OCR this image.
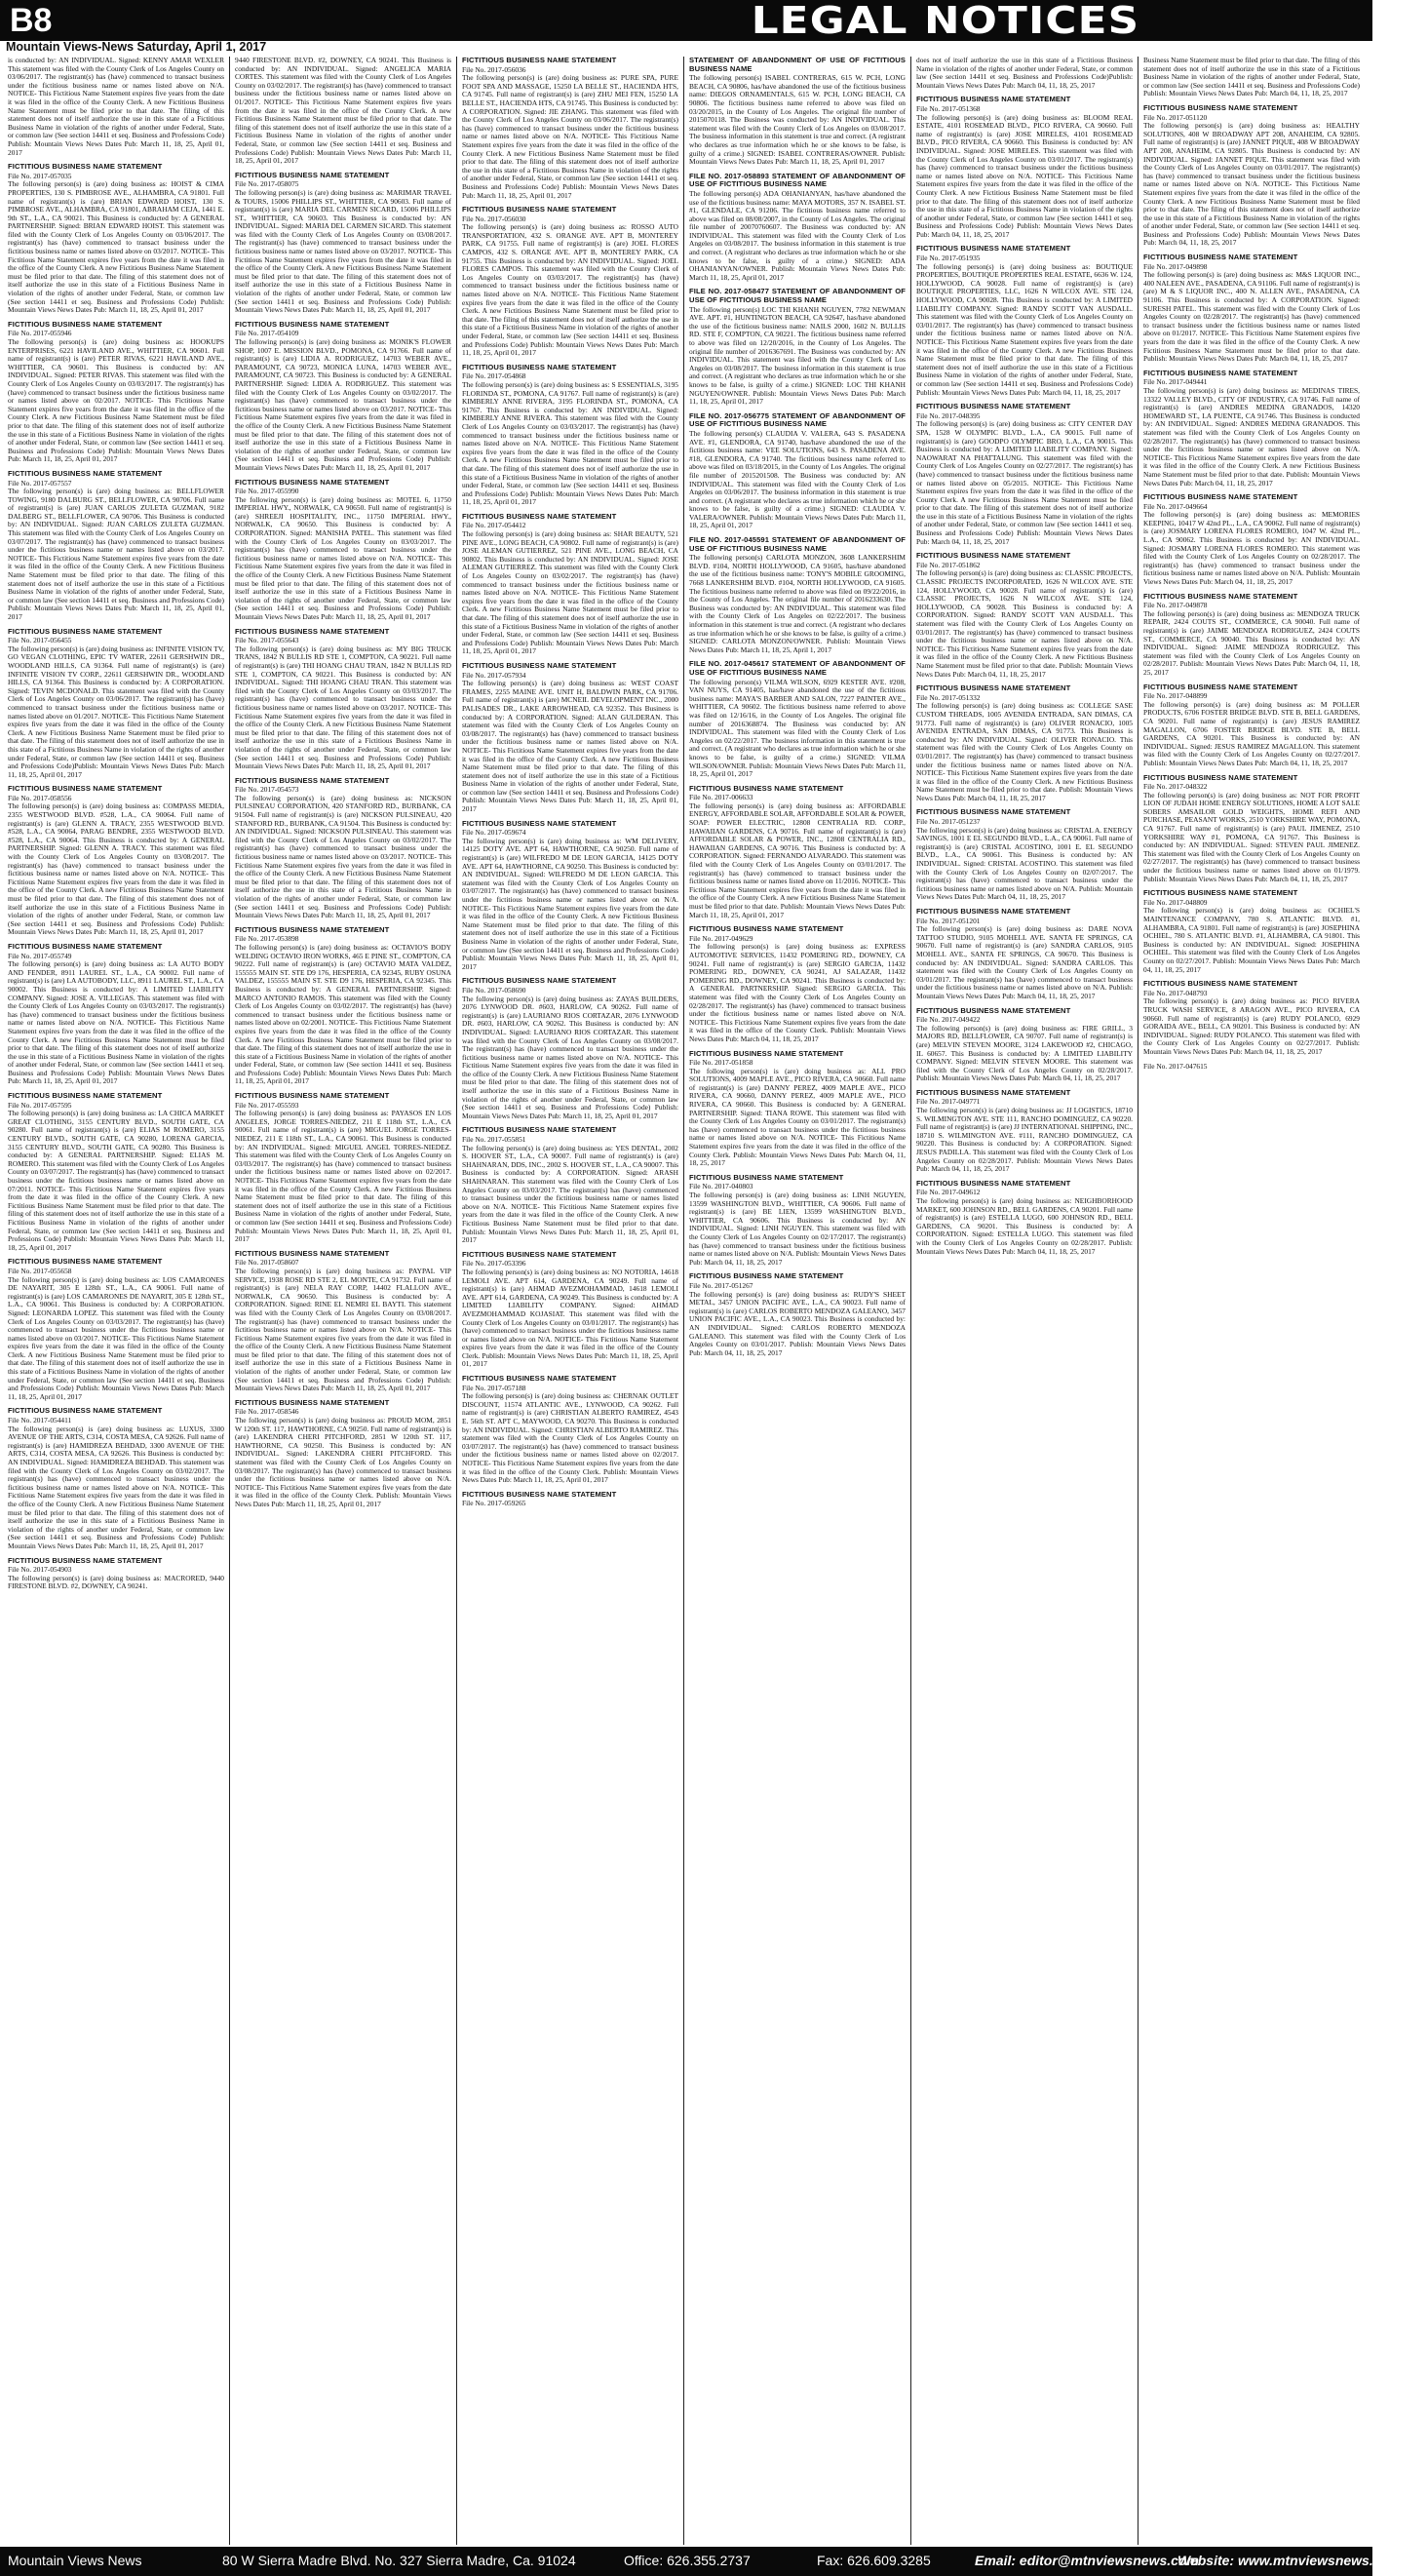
B8	LEGAL NOTICES
Mountain Views-News Saturday, April 1, 2017
is conducted by: AN INDIVIDUAL. Signed: KENNY AMAR WEXLER This statement was filed with the County Clerk of Los Angeles County on 03/06/2017. The registrant(s) has (have) commenced to transact business under the fictitious business name or names listed above on N/A. NOTICE- This Fictitious Name Statement expires five years from the date it was filed in the office of the County Clerk. A new Fictitious Business Name Statement must be filed prior to that date. The filing of this statement does not of itself authorize the use in this state of a Fictitious Business Name in violation of the rights of another under Federal, State, or common law (See section 14411 et seq. Business and Professions Code) Publish: Mountain Views News Dates Pub: March 11, 18, 25, April 01, 2017
FICTITIOUS BUSINESS NAME STATEMENT
File No. 2017-057035
The following person(s) is (are) doing business as: HOIST & CIMA PROPERTIES, 130 S. PIMBROSE AVE., ALHAMBRA, CA 91801. Full name of registrant(s) is (are) BRIAN EDWARD HOIST, 130 S. PIMBROSE AVE., ALHAMBRA, CA 91801, ABRAHAM CEJA, 1441 E. 9th ST., L.A., CA 90021. This Business is conducted by: A GENERAL PARTNERSHIP. Signed: BRIAN EDWARD HOIST. This statement was filed with the County Clerk of Los Angeles County on 03/06/2017. The registrant(s) has (have) commenced to transact business under the fictitious business name or names listed above on 03/2017. NOTICE- This Fictitious Name Statement expires five years from the date it was filed in the office of the County Clerk. A new Fictitious Business Name Statement must be filed prior to that date. The filing of this statement does not of itself authorize the use in this state of a Fictitious Business Name in violation of the rights of another under Federal, State, or common law (See section 14411 et seq. Business and Professions Code) Publish: Mountain Views News Dates Pub: March 11, 18, 25, April 01, 2017
FICTITIOUS BUSINESS NAME STATEMENT
File No. 2017-055946
The following person(s) is (are) doing business as: HOOKUPS ENTERPRISES, 6221 HAVILAND AVE., WHITTIER, CA 90601. Full name of registrant(s) is (are) PETER RIVAS, 6221 HAVILAND AVE., WHITTIER, CA 90601. This Business is conducted by: AN INDIVIDUAL. Signed: PETER RIVAS. This statement was filed with the County Clerk of Los Angeles County on 03/03/2017. The registrant(s) has (have) commenced to transact business under the fictitious business name or names listed above on 02/2017. NOTICE- This Fictitious Name Statement expires five years from the date it was filed in the office of the County Clerk. A new Fictitious Business Name Statement must be filed prior to that date. The filing of this statement does not of itself authorize the use in this state of a Fictitious Business Name in violation of the rights of another under Federal, State, or common law (See section 14411 et seq. Business and Professions Code) Publish: Mountain Views News Dates Pub: March 11, 18, 25, April 01, 2017
FICTITIOUS BUSINESS NAME STATEMENT
File No. 2017-057557
The following person(s) is (are) doing business as: BELLFLOWER TOWING, 9180 DALBURG ST., BELLFLOWER, CA 90706. Full name of registrant(s) is (are) JUAN CARLOS ZULETA GUZMAN, 9182 DALBERG ST., BELLFLOWER, CA 90706. This Business is conducted by: AN INDIVIDUAL. Signed: JUAN CARLOS ZULETA GUZMAN. This statement was filed with the County Clerk of Los Angeles County on 03/07/2017. The registrant(s) has (have) commenced to transact business under the fictitious business name or names listed above on 03/2017. NOTICE- This Fictitious Name Statement expires five years from the date it was filed in the office of the County Clerk. A new Fictitious Business Name Statement must be filed prior to that date. The filing of this statement does not of itself authorize the use in this state of a Fictitious Business Name in violation of the rights of another under Federal, State, or common law (See section 14411 et seq. Business and Professions Code) Publish: Mountain Views News Dates Pub: March 11, 18, 25, April 01, 2017
FICTITIOUS BUSINESS NAME STATEMENT
File No. 2017-056455
The following person(s) is (are) doing business as: INFINITE VISION TV, GO VEGAN CLOTHING, EPIC TV WATER, 22611 GERSHWIN DR., WOODLAND HILLS, CA 91364. Full name of registrant(s) is (are) INFINITE VISION TV CORP., 22611 GERSHWIN DR., WOODLAND HILLS, CA 91364. This Business is conducted by: A CORPORATION. Signed: TEVIN MCDONALD. This statement was filed with the County Clerk of Los Angeles County on 03/06/2017. The registrant(s) has (have) commenced to transact business under the fictitious business name or names listed above on 01/2017. NOTICE- This Fictitious Name Statement expires five years from the date it was filed in the office of the County Clerk. A new Fictitious Business Name Statement must be filed prior to that date. The filing of this statement does not of itself authorize the use in this state of a Fictitious Business Name in violation of the rights of another under Federal, State, or common law (See section 14411 et seq. Business and Professions Code)Publish: Mountain Views News Dates Pub: March 11, 18, 25, April 01, 2017
FICTITIOUS BUSINESS NAME STATEMENT
File No. 2017-058556
The following person(s) is (are) doing business as: COMPASS MEDIA, 2355 WESTWOOD BLVD. #528, L.A., CA 90064. Full name of registrant(s) is (are) GLENN A. TRACY, 2355 WESTWOOD BLVD. #528, L.A., CA 90064, PARAG BENDRE, 2355 WESTWOOD BLVD. #528, L.A., CA 90064. This Business is conducted by: A GENERAL PARTNERSHIP. Signed: GLENN A. TRACY. This statement was filed with the County Clerk of Los Angeles County on 03/08/2017. The registrant(s) has (have) commenced to transact business under the fictitious business name or names listed above on N/A. NOTICE- This Fictitious Name Statement expires five years from the date it was filed in the office of the County Clerk. A new Fictitious Business Name Statement must be filed prior to that date. The filing of this statement does not of itself authorize the use in this state of a Fictitious Business Name in violation of the rights of another under Federal, State, or common law (See section 14411 et seq. Business and Professions Code) Publish: Mountain Views News Dates Pub: March 11, 18, 25, April 01, 2017
FICTITIOUS BUSINESS NAME STATEMENT
File No. 2017-055749
The following person(s) is (are) doing business as: LA AUTO BODY AND FENDER, 8911 LAUREL ST., L.A., CA 90002. Full name of registrant(s) is (are) LA AUTOBODY, LLC, 8911 LAUREL ST., L.A., CA 90002. This Business is conducted by: A LIMITED LIABILITY COMPANY. Signed: JOSE A. VILLEGAS. This statement was filed with the County Clerk of Los Angeles County on 03/03/2017. The registrant(s) has (have) commenced to transact business under the fictitious business name or names listed above on N/A. NOTICE- This Fictitious Name Statement expires five years from the date it was filed in the office of the County Clerk. A new Fictitious Business Name Statement must be filed prior to that date. The filing of this statement does not of itself authorize the use in this state of a Fictitious Business Name in violation of the rights of another under Federal, State, or common law (See section 14411 et seq. Business and Professions Code) Publish: Mountain Views News Dates Pub: March 11, 18, 25, April 01, 2017
FICTITIOUS BUSINESS NAME STATEMENT
File No. 2017-057595
The following person(s) is (are) doing business as: LA CHICA MARKET GREAT CLOTHING, 3155 CENTURY BLVD., SOUTH GATE, CA 90280. Full name of registrant(s) is (are) ELIAS M ROMERO, 3155 CENTURY BLVD., SOUTH GATE, CA 90280, LORENA GARCIA, 3155 CENTURY BLVD., SOUTH GATE, CA 90280. This Business is conducted by: A GENERAL PARTNERSHIP. Signed: ELIAS M. ROMERO. This statement was filed with the County Clerk of Los Angeles County on 03/07/2017. The registrant(s) has (have) commenced to transact business under the fictitious business name or names listed above on 07/2011. NOTICE- This Fictitious Name Statement expires five years from the date it was filed in the office of the County Clerk. A new Fictitious Business Name Statement must be filed prior to that date. The filing of this statement does not of itself authorize the use in this state of a Fictitious Business Name in violation of the rights of another under Federal, State, or common law (See section 14411 et seq. Business and Professions Code) Publish: Mountain Views News Dates Pub: March 11, 18, 25, April 01, 2017
FICTITIOUS BUSINESS NAME STATEMENT
File No. 2017-055658
The following person(s) is (are) doing business as: LOS CAMARONES DE NAYARIT, 305 E 128th ST., L.A., CA 90061. Full name of registrant(s) is (are) LOS CAMARONES DE NAYARIT, 305 E 128th ST., L.A., CA 90061. This Business is conducted by: A CORPORATION. Signed: LEONARDA LOPEZ. This statement was filed with the County Clerk of Los Angeles County on 03/03/2017. The registrant(s) has (have) commenced to transact business under the fictitious business name or names listed above on 03/2017. NOTICE- This Fictitious Name Statement expires five years from the date it was filed in the office of the County Clerk. A new Fictitious Business Name Statement must be filed prior to that date. The filing of this statement does not of itself authorize the use in this state of a Fictitious Business Name in violation of the rights of another under Federal, State, or common law (See section 14411 et seq. Business and Professions Code) Publish: Mountain Views News Dates Pub: March 11, 18, 25, April 01, 2017
FICTITIOUS BUSINESS NAME STATEMENT
File No. 2017-054411
The following person(s) is (are) doing business as: LUXUS, 3300 AVENUE OF THE ARTS, C314, COSTA MESA, CA 92626. Full name of registrant(s) is (are) HAMIDREZA BEHDAD, 3300 AVENUE OF THE ARTS, C314, COSTA MESA, CA 92626. This Business is conducted by: AN INDIVIDUAL. Signed: HAMIDREZA BEHDAD. This statement was filed with the County Clerk of Los Angeles County on 03/02/2017. The registrant(s) has (have) commenced to transact business under the fictitious business name or names listed above on N/A. NOTICE- This Fictitious Name Statement expires five years from the date it was filed in the office of the County Clerk. A new Fictitious Business Name Statement must be filed prior to that date. The filing of this statement does not of itself authorize the use in this state of a Fictitious Business Name in violation of the rights of another under Federal, State, or common law (See section 14411 et seq. Business and Professions Code) Publish: Mountain Views News Dates Pub: March 11, 18, 25, April 01, 2017
FICTITIOUS BUSINESS NAME STATEMENT
File No. 2017-054903
The following person(s) is (are) doing business as: MACRORED, 9440 FIRESTONE BLVD. #2, DOWNEY, CA 90241.
9440 FIRESTONE BLVD. #2, DOWNEY, CA 90241. This Business is conducted by: AN INDIVIDUAL. Signed: ANGELICA MARIA CORTES. This statement was filed with the County Clerk of Los Angeles County on 03/02/2017. The registrant(s) has (have) commenced to transact business under the fictitious business name or names listed above on 01/2017. NOTICE- This Fictitious Name Statement expires five years from the date it was filed in the office of the County Clerk. A new Fictitious Business Name Statement must be filed prior to that date. The filing of this statement does not of itself authorize the use in this state of a Fictitious Business Name in violation of the rights of another under Federal, State, or common law (See section 14411 et seq. Business and Professions Code) Publish: Mountain Views News Dates Pub: March 11, 18, 25, April 01, 2017
FICTITIOUS BUSINESS NAME STATEMENT
File No. 2017-058075
The following person(s) is (are) doing business as: MARIMAR TRAVEL & TOURS, 15006 PHILLIPS ST., WHITTIER, CA 90603. Full name of registrant(s) is (are) MARIA DEL CARMEN SICARD, 15006 PHILLIPS ST., WHITTIER, CA 90603. This Business is conducted by: AN INDIVIDUAL. Signed: MARIA DEL CARMEN SICARD. This statement was filed with the County Clerk of Los Angeles County on 03/08/2017. The registrant(s) has (have) commenced to transact business under the fictitious business name or names listed above on 03/2017. NOTICE- This Fictitious Name Statement expires five years from the date it was filed in the office of the County Clerk. A new Fictitious Business Name Statement must be filed prior to that date. The filing of this statement does not of itself authorize the use in this state of a Fictitious Business Name in violation of the rights of another under Federal, State, or common law (See section 14411 et seq. Business and Professions Code) Publish: Mountain Views News Dates Pub: March 11, 18, 25, April 01, 2017
FICTITIOUS BUSINESS NAME STATEMENT
File No. 2017-054109
The following person(s) is (are) doing business as: MONIK'S FLOWER SHOP, 1007 E. MISSION BLVD., POMONA, CA 91766. Full name of registrant(s) is (are) LIDIA A. RODRIGUEZ, 14703 WEBER AVE., PARAMOUNT, CA 90723, MONICA LUNA, 14703 WEBER AVE., PARAMOUNT, CA 90723. This Business is conducted by: A GENERAL PARTNERSHIP. Signed: LIDIA A. RODRIGUEZ. This statement was filed with the County Clerk of Los Angeles County on 03/02/2017. The registrant(s) has (have) commenced to transact business under the fictitious business name or names listed above on 03/2017. NOTICE- This Fictitious Name Statement expires five years from the date it was filed in the office of the County Clerk. A new Fictitious Business Name Statement must be filed prior to that date. The filing of this statement does not of itself authorize the use in this state of a Fictitious Business Name in violation of the rights of another under Federal, State, or common law (See section 14411 et seq. Business and Professions Code) Publish: Mountain Views News Dates Pub: March 11, 18, 25, April 01, 2017
FICTITIOUS BUSINESS NAME STATEMENT
File No. 2017-055990
The following person(s) is (are) doing business as: MOTEL 6, 11750 IMPERIAL HWY., NORWALK, CA 90650. Full name of registrant(s) is (are) SHREEJI HOSPITALITY, INC., 11750 IMPERIAL HWY., NORWALK, CA 90650. This Business is conducted by: A CORPORATION. Signed: MANISHA PATEL. This statement was filed with the County Clerk of Los Angeles County on 03/03/2017. The registrant(s) has (have) commenced to transact business under the fictitious business name or names listed above on N/A. NOTICE- This Fictitious Name Statement expires five years from the date it was filed in the office of the County Clerk. A new Fictitious Business Name Statement must be filed prior to that date. The filing of this statement does not of itself authorize the use in this state of a Fictitious Business Name in violation of the rights of another under Federal, State, or common law (See section 14411 et seq. Business and Professions Code) Publish: Mountain Views News Dates Pub: March 11, 18, 25, April 01, 2017
FICTITIOUS BUSINESS NAME STATEMENT
File No. 2017-055643
The following person(s) is (are) doing business as: MY BIG TRUCK TRANS, 1842 N BULLIS RD STE 1, COMPTON, CA 90221. Full name of registrant(s) is (are) THI HOANG CHAU TRAN, 1842 N BULLIS RD STE 1, COMPTON, CA 90221. This Business is conducted by: AN INDIVIDUAL. Signed: THI HOANG CHAU TRAN. This statement was filed with the County Clerk of Los Angeles County on 03/03/2017. The registrant(s) has (have) commenced to transact business under the fictitious business name or names listed above on 03/2017. NOTICE- This Fictitious Name Statement expires five years from the date it was filed in the office of the County Clerk. A new Fictitious Business Name Statement must be filed prior to that date. The filing of this statement does not of itself authorize the use in this state of a Fictitious Business Name in violation of the rights of another under Federal, State, or common law (See section 14411 et seq. Business and Professions Code) Publish: Mountain Views News Dates Pub: March 11, 18, 25, April 01, 2017
FICTITIOUS BUSINESS NAME STATEMENT
File No. 2017-054573
The following person(s) is (are) doing business as: NICKSON PULSINEAU CORPORATION, 420 STANFORD RD., BURBANK, CA 91504. Full name of registrant(s) is (are) NICKSON PULSINEAU, 420 STANFORD RD., BURBANK, CA 91504. This Business is conducted by: AN INDIVIDUAL. Signed: NICKSON PULSINEAU. This statement was filed with the County Clerk of Los Angeles County on 03/02/2017. The registrant(s) has (have) commenced to transact business under the fictitious business name or names listed above on 03/2017. NOTICE- This Fictitious Name Statement expires five years from the date it was filed in the office of the County Clerk. A new Fictitious Business Name Statement must be filed prior to that date. The filing of this statement does not of itself authorize the use in this state of a Fictitious Business Name in violation of the rights of another under Federal, State, or common law (See section 14411 et seq. Business and Professions Code) Publish: Mountain Views News Dates Pub: March 11, 18, 25, April 01, 2017
FICTITIOUS BUSINESS NAME STATEMENT
File No. 2017-053898
The following person(s) is (are) doing business as: OCTAVIO'S BODY WELDING OCTAVIO IRON WORKS, 465 E PINE ST., COMPTON, CA 90222. Full name of registrant(s) is (are) OCTAVIO MATA VALDEZ, 155555 MAIN ST. STE D9 176, HESPERIA, CA 92345, RUBY OSUNA VALDEZ, 155555 MAIN ST. STE D9 176, HESPERIA, CA 92345. This Business is conducted by: A GENERAL PARTNERSHIP. Signed: MARCO ANTONIO RAMOS. This statement was filed with the County Clerk of Los Angeles County on 03/02/2017. The registrant(s) has (have) commenced to transact business under the fictitious business name or names listed above on 02/2001. NOTICE- This Fictitious Name Statement expires five years from the date it was filed in the office of the County Clerk. A new Fictitious Business Name Statement must be filed prior to that date. The filing of this statement does not of itself authorize the use in this state of a Fictitious Business Name in violation of the rights of another under Federal, State, or common law (See section 14411 et seq. Business and Professions Code) Publish: Mountain Views News Dates Pub: March 11, 18, 25, April 01, 2017
FICTITIOUS BUSINESS NAME STATEMENT
File No. 2017-055593
The following person(s) is (are) doing business as: PAYASOS EN LOS ANGELES, JORGE TORRES-NIEDEZ, 211 E 118th ST., L.A., CA 90061. Full name of registrant(s) is (are) MIGUEL JORGE TORRES-NIEDEZ, 211 E 118th ST., L.A., CA 90061. This Business is conducted by: AN INDIVIDUAL. Signed: MIGUEL ANGEL TORRES-NIEDEZ. This statement was filed with the County Clerk of Los Angeles County on 03/03/2017. The registrant(s) has (have) commenced to transact business under the fictitious business name or names listed above on 02/2017. NOTICE- This Fictitious Name Statement expires five years from the date it was filed in the office of the County Clerk. A new Fictitious Business Name Statement must be filed prior to that date. The filing of this statement does not of itself authorize the use in this state of a Fictitious Business Name in violation of the rights of another under Federal, State, or common law (See section 14411 et seq. Business and Professions Code) Publish: Mountain Views News Dates Pub: March 11, 18, 25, April 01, 2017
FICTITIOUS BUSINESS NAME STATEMENT
File No. 2017-058607
The following person(s) is (are) doing business as: PAYPAL VIP SERVICE, 1938 ROSE RD STE 2, EL MONTE, CA 91732. Full name of registrant(s) is (are) NELA RAY CORP, 14402 FLALLON AVE., NORWALK, CA 90650. This Business is conducted by: A CORPORATION. Signed: RINE EL NEMRI EL BAYTI. This statement was filed with the County Clerk of Los Angeles County on 03/08/2017. The registrant(s) has (have) commenced to transact business under the fictitious business name or names listed above on N/A. NOTICE- This Fictitious Name Statement expires five years from the date it was filed in the office of the County Clerk. A new Fictitious Business Name Statement must be filed prior to that date. The filing of this statement does not of itself authorize the use in this state of a Fictitious Business Name in violation of the rights of another under Federal, State, or common law (See section 14411 et seq. Business and Professions Code) Publish: Mountain Views News Dates Pub: March 11, 18, 25, April 01, 2017
FICTITIOUS BUSINESS NAME STATEMENT
File No. 2017-058546
The following person(s) is (are) doing business as: PROUD MOM, 2851 W 120th ST. 117, HAWTHORNE, CA 90250. Full name of registrant(s) is (are) LAKENDRA CHERI PITCHFORD, 2851 W 120th ST. 117, HAWTHORNE, CA 90250. This Business is conducted by: AN INDIVIDUAL. Signed: LAKENDRA CHERI PITCHFORD. This statement was filed with the County Clerk of Los Angeles County on 03/08/2017. The registrant(s) has (have) commenced to transact business under the fictitious business name or names listed above on N/A. NOTICE- This Fictitious Name Statement expires five years from the date it was filed in the office of the County Clerk. Publish: Mountain Views News Dates Pub: March 11, 18, 25, April 01, 2017
FICTITIOUS BUSINESS NAME STATEMENT
File No. 2017-056036
The following person(s) is (are) doing business as: PURE SPA, PURE FOOT SPA AND MASSAGE, 15250 LA BELLE ST., HACIENDA HTS, CA 91745. Full name of registrant(s) is (are) ZHU MEI FEN, 15250 LA BELLE ST., HACIENDA HTS, CA 91745. This Business is conducted by: A CORPORATION. Signed: JIE ZHANG. This statement was filed with the County Clerk of Los Angeles County on 03/06/2017. The registrant(s) has (have) commenced to transact business under the fictitious business name or names listed above on N/A. NOTICE- This Fictitious Name Statement expires five years from the date it was filed in the office of the County Clerk. A new Fictitious Business Name Statement must be filed prior to that date. The filing of this statement does not of itself authorize the use in this state of a Fictitious Business Name in violation of the rights of another under Federal, State, or common law (See section 14411 et seq. Business and Professions Code) Publish: Mountain Views News Dates Pub: March 11, 18, 25, April 01, 2017
FICTITIOUS BUSINESS NAME STATEMENT
File No. 2017-056030
The following person(s) is (are) doing business as: ROSSO AUTO TRANSPORTATION, 432 S. ORANGE AVE. APT B, MONTEREY PARK, CA 91755. Full name of registrant(s) is (are) JOEL FLORES CAMPOS, 432 S. ORANGE AVE. APT B, MONTEREY PARK, CA 91755. This Business is conducted by: AN INDIVIDUAL. Signed: JOEL FLORES CAMPOS. This statement was filed with the County Clerk of Los Angeles County on 03/03/2017. The registrant(s) has (have) commenced to transact business under the fictitious business name or names listed above on N/A. NOTICE- This Fictitious Name Statement expires five years from the date it was filed in the office of the County Clerk. A new Fictitious Business Name Statement must be filed prior to that date. The filing of this statement does not of itself authorize the use in this state of a Fictitious Business Name in violation of the rights of another under Federal, State, or common law (See section 14411 et seq. Business and Professions Code) Publish: Mountain Views News Dates Pub: March 11, 18, 25, April 01, 2017
FICTITIOUS BUSINESS NAME STATEMENT
File No. 2017-054868
The following person(s) is (are) doing business as: S ESSENTIALS, 3195 FLORINDA ST., POMONA, CA 91767. Full name of registrant(s) is (are) KIMBERLY ANNE RIVERA, 3195 FLORINDA ST., POMONA, CA 91767. This Business is conducted by: AN INDIVIDUAL. Signed: KIMBERLY ANNE RIVERA. This statement was filed with the County Clerk of Los Angeles County on 03/03/2017. The registrant(s) has (have) commenced to transact business under the fictitious business name or names listed above on N/A. NOTICE- This Fictitious Name Statement expires five years from the date it was filed in the office of the County Clerk. A new Fictitious Business Name Statement must be filed prior to that date. The filing of this statement does not of itself authorize the use in this state of a Fictitious Business Name in violation of the rights of another under Federal, State, or common law (See section 14411 et seq. Business and Professions Code) Publish: Mountain Views News Dates Pub: March 11, 18, 25, April 01, 2017
FICTITIOUS BUSINESS NAME STATEMENT
File No. 2017-054412
The following person(s) is (are) doing business as: SHAR BEAUTY, 521 PINE AVE., LONG BEACH, CA 90802. Full name of registrant(s) is (are) JOSE ALEMAN GUTIERREZ, 521 PINE AVE., LONG BEACH, CA 90802. This Business is conducted by: AN INDIVIDUAL. Signed: JOSE ALEMAN GUTIERREZ. This statement was filed with the County Clerk of Los Angeles County on 03/02/2017. The registrant(s) has (have) commenced to transact business under the fictitious business name or names listed above on N/A. NOTICE- This Fictitious Name Statement expires five years from the date it was filed in the office of the County Clerk. A new Fictitious Business Name Statement must be filed prior to that date. The filing of this statement does not of itself authorize the use in this state of a Fictitious Business Name in violation of the rights of another under Federal, State, or common law (See section 14411 et seq. Business and Professions Code) Publish: Mountain Views News Dates Pub: March 11, 18, 25, April 01, 2017
FICTITIOUS BUSINESS NAME STATEMENT
File No. 2017-057934
The following person(s) is (are) doing business as: WEST COAST FRAMES, 2255 MAINE AVE. UNIT H, BALDWIN PARK, CA 91706. Full name of registrant(s) is (are) MCNEIL DEVELOPMENT INC., 2000 PALISADES DR., LAKE ARROWHEAD, CA 92352. This Business is conducted by: A CORPORATION. Signed: ALAN GULDERAN. This statement was filed with the County Clerk of Los Angeles County on 03/08/2017. The registrant(s) has (have) commenced to transact business under the fictitious business name or names listed above on N/A. NOTICE- This Fictitious Name Statement expires five years from the date it was filed in the office of the County Clerk. A new Fictitious Business Name Statement must be filed prior to that date. The filing of this statement does not of itself authorize the use in this state of a Fictitious Business Name in violation of the rights of another under Federal, State, or common law (See section 14411 et seq. Business and Professions Code) Publish: Mountain Views News Dates Pub: March 11, 18, 25, April 01, 2017
FICTITIOUS BUSINESS NAME STATEMENT
File No. 2017-059674
The following person(s) is (are) doing business as: WM DELIVERY, 14125 DOTY AVE. APT 64, HAWTHORNE, CA 90250. Full name of registrant(s) is (are) WILFREDO M DE LEON GARCIA, 14125 DOTY AVE. APT 64, HAWTHORNE, CA 90250. This Business is conducted by: AN INDIVIDUAL. Signed: WILFREDO M DE LEON GARCIA. This statement was filed with the County Clerk of Los Angeles County on 03/07/2017. The registrant(s) has (have) commenced to transact business under the fictitious business name or names listed above on N/A. NOTICE- This Fictitious Name Statement expires five years from the date it was filed in the office of the County Clerk. A new Fictitious Business Name Statement must be filed prior to that date. The filing of this statement does not of itself authorize the use in this state of a Fictitious Business Name in violation of the rights of another under Federal, State, or common law (See section 14411 et seq. Business and Professions Code) Publish: Mountain Views News Dates Pub: March 11, 18, 25, April 01, 2017
FICTITIOUS BUSINESS NAME STATEMENT
File No. 2017-058690
The following person(s) is (are) doing business as: ZAYAS BUILDERS, 2076 LYNWOOD DR. #603, HARLOW, CA 90262. Full name of registrant(s) is (are) LAURIANO RIOS CORTAZAR, 2076 LYNWOOD DR. #603, HARLOW, CA 90262. This Business is conducted by: AN INDIVIDUAL. Signed: LAURIANO RIOS CORTAZAR. This statement was filed with the County Clerk of Los Angeles County on 03/08/2017. The registrant(s) has (have) commenced to transact business under the fictitious business name or names listed above on N/A. NOTICE- This Fictitious Name Statement expires five years from the date it was filed in the office of the County Clerk. A new Fictitious Business Name Statement must be filed prior to that date. The filing of this statement does not of itself authorize the use in this state of a Fictitious Business Name in violation of the rights of another under Federal, State, or common law (See section 14411 et seq. Business and Professions Code) Publish: Mountain Views News Dates Pub: March 11, 18, 25, April 01, 2017
FICTITIOUS BUSINESS NAME STATEMENT
File No. 2017-055851
The following person(s) is (are) doing business as: YES DENTAL, 2002 S. HOOVER ST., L.A., CA 90007. Full name of registrant(s) is (are) SHAHNARAN, DDS, INC., 2002 S. HOOVER ST., L.A., CA 90007. This Business is conducted by: A CORPORATION. Signed: ARASH SHAHNARAN. This statement was filed with the County Clerk of Los Angeles County on 03/03/2017. The registrant(s) has (have) commenced to transact business under the fictitious business name or names listed above on N/A. NOTICE- This Fictitious Name Statement expires five years from the date it was filed in the office of the County Clerk. A new Fictitious Business Name Statement must be filed prior to that date. Publish: Mountain Views News Dates Pub: March 11, 18, 25, April 01, 2017
FICTITIOUS BUSINESS NAME STATEMENT
File No. 2017-053396
The following person(s) is (are) doing business as: NO NOTORIA, 14618 LEMOLI AVE. APT 614, GARDENA, CA 90249. Full name of registrant(s) is (are) AHMAD AVEZMOHAMMAD, 14618 LEMOLI AVE. APT 614, GARDENA, CA 90249. This Business is conducted by: A LIMITED LIABILITY COMPANY. Signed: AHMAD AVEZMOHAMMAD KOJASIAT. This statement was filed with the County Clerk of Los Angeles County on 03/01/2017. The registrant(s) has (have) commenced to transact business under the fictitious business name or names listed above on N/A. NOTICE- This Fictitious Name Statement expires five years from the date it was filed in the office of the County Clerk. Publish: Mountain Views News Dates Pub: March 11, 18, 25, April 01, 2017
FICTITIOUS BUSINESS NAME STATEMENT
File No. 2017-057188
The following person(s) is (are) doing business as: CHERNAK OUTLET DISCOUNT, 11574 ATLANTIC AVE., LYNWOOD, CA 90262. Full name of registrant(s) is (are) CHRISTIAN ALBERTO RAMIREZ, 4543 E. 56th ST. APT C, MAYWOOD, CA 90270. This Business is conducted by: AN INDIVIDUAL. Signed: CHRISTIAN ALBERTO RAMIREZ. This statement was filed with the County Clerk of Los Angeles County on 03/07/2017. The registrant(s) has (have) commenced to transact business under the fictitious business name or names listed above on 02/2017. NOTICE- This Fictitious Name Statement expires five years from the date it was filed in the office of the County Clerk. Publish: Mountain Views News Dates Pub: March 11, 18, 25, April 01, 2017
FICTITIOUS BUSINESS NAME STATEMENT
File No. 2017-059265
STATEMENT OF ABANDONMENT OF USE OF FICTITIOUS BUSINESS NAME
The following person(s) ISABEL CONTRERAS, 615 W. PCH, LONG BEACH, CA 90806, has/have abandoned the use of the fictitious business name: DIEGOS ORNAMENTALS, 615 W. PCH, LONG BEACH, CA 90806. The fictitious business name referred to above was filed on 03/20/2015, in the County of Los Angeles. The original file number of 2015070118. The Business was conducted by: AN INDIVIDUAL. This statement was filed with the County Clerk of Los Angeles on 03/08/2017. The business information in this statement is true and correct. (A registrant who declares as true information which he or she knows to be false, is guilty of a crime.) SIGNED: ISABEL CONTRERAS/OWNER. Publish: Mountain Views News Dates Pub: March 11, 18, 25, April 01, 2017
FILE NO. 2017-058893 STATEMENT OF ABANDONMENT OF USE OF FICTITIOUS BUSINESS NAME
The following person(s) ADA OHANIANYAN, has/have abandoned the use of the fictitious business name: MAYA MOTORS, 357 N. ISABEL ST. #1, GLENDALE, CA 91206. The fictitious business name referred to above was filed on 08/08/2007, in the County of Los Angeles. The original file number of 20070760607. The Business was conducted by: AN INDIVIDUAL. This statement was filed with the County Clerk of Los Angeles on 03/08/2017. The business information in this statement is true and correct. (A registrant who declares as true information which he or she knows to be false, is guilty of a crime.) SIGNED: ADA OHANIANYAN/OWNER. Publish: Mountain Views News Dates Pub: March 11, 18, 25, April 01, 2017
FILE NO. 2017-058477 STATEMENT OF ABANDONMENT OF USE OF FICTITIOUS BUSINESS NAME
The following person(s) LOC THI KHANH NGUYEN, 7782 NEWMAN AVE. APT. #1, HUNTINGTON BEACH, CA 92647, has/have abandoned the use of the fictitious business name: NAILS 2000, 1602 N. BULLIS RD. STE F, COMPTON, CA 90221. The fictitious business name referred to above was filed on 12/20/2016, in the County of Los Angeles. The original file number of 2016367691. The Business was conducted by: AN INDIVIDUAL. This statement was filed with the County Clerk of Los Angeles on 03/08/2017. The business information in this statement is true and correct. (A registrant who declares as true information which he or she knows to be false, is guilty of a crime.) SIGNED: LOC THI KHANH NGUYEN/OWNER. Publish: Mountain Views News Dates Pub: March 11, 18, 25, April 01, 2017
FILE NO. 2017-056775 STATEMENT OF ABANDONMENT OF USE OF FICTITIOUS BUSINESS NAME
The following person(s) CLAUDIA V. VALERA, 643 S. PASADENA AVE. #1, GLENDORA, CA 91740, has/have abandoned the use of the fictitious business name: VEE SOLUTIONS, 643 S. PASADENA AVE. #18, GLENDORA, CA 91740. The fictitious business name referred to above was filed on 03/18/2015, in the County of Los Angeles. The original file number of 2015201508. The Business was conducted by: AN INDIVIDUAL. This statement was filed with the County Clerk of Los Angeles on 03/06/2017. The business information in this statement is true and correct. (A registrant who declares as true information which he or she knows to be false, is guilty of a crime.) SIGNED: CLAUDIA V. VALERA/OWNER. Publish: Mountain Views News Dates Pub: March 11, 18, 25, April 01, 2017
FILE NO. 2017-045591 STATEMENT OF ABANDONMENT OF USE OF FICTITIOUS BUSINESS NAME
The following person(s) CARLOTA MONZON, 3608 LANKERSHIM BLVD. #104, NORTH HOLLYWOOD, CA 91605, has/have abandoned the use of the fictitious business name: TONY'S MOBILE GROOMING, 7668 LANKERSHIM BLVD. #104, NORTH HOLLYWOOD, CA 91605. The fictitious business name referred to above was filed on 09/22/2016, in the County of Los Angeles. The original file number of 2016233630. The Business was conducted by: AN INDIVIDUAL. This statement was filed with the County Clerk of Los Angeles on 02/22/2017. The business information in this statement is true and correct. (A registrant who declares as true information which he or she knows to be false, is guilty of a crime.) SIGNED: CARLOTA MONZON/OWNER. Publish: Mountain Views News Dates Pub: March 11, 18, 25, April 1, 2017
FILE NO. 2017-045617 STATEMENT OF ABANDONMENT OF USE OF FICTITIOUS BUSINESS NAME
The following person(s) VILMA WILSON, 6929 KESTER AVE. #208, VAN NUYS, CA 91405, has/have abandoned the use of the fictitious business name: MAYA'S BARBER AND SALON, 7227 PAINTER AVE., WHITTIER, CA 90602. The fictitious business name referred to above was filed on 12/16/16, in the County of Los Angeles. The original file number of 2016368874. The Business was conducted by: AN INDIVIDUAL. This statement was filed with the County Clerk of Los Angeles on 02/22/2017. The business information in this statement is true and correct. (A registrant who declares as true information which he or she knows to be false, is guilty of a crime.) SIGNED: VILMA WILSON/OWNER. Publish: Mountain Views News Dates Pub: March 11, 18, 25, April 01, 2017
FICTITIOUS BUSINESS NAME STATEMENT
File No. 2017-006633
The following person(s) is (are) doing business as: AFFORDABLE ENERGY, AFFORDABLE SOLAR, AFFORDABLE SOLAR & POWER, SOAP: POWER ELECTRIC, 12808 CENTRALIA RD. CORP., HAWAIIAN GARDENS, CA 90716. Full name of registrant(s) is (are) AFFORDABLE SOLAR & POWER, INC., 12808 CENTRALIA RD., HAWAIIAN GARDENS, CA 90716. This Business is conducted by: A CORPORATION. Signed: FERNANDO ALVARADO. This statement was filed with the County Clerk of Los Angeles County on 03/01/2017. The registrant(s) has (have) commenced to transact business under the fictitious business name or names listed above on 11/2016. NOTICE- This Fictitious Name Statement expires five years from the date it was filed in the office of the County Clerk. A new Fictitious Business Name Statement must be filed prior to that date. Publish: Mountain Views News Dates Pub: March 11, 18, 25, April 01, 2017
FICTITIOUS BUSINESS NAME STATEMENT
File No. 2017-049629
The following person(s) is (are) doing business as: EXPRESS AUTOMOTIVE SERVICES, 11432 POMERING RD., DOWNEY, CA 90241. Full name of registrant(s) is (are) SERGIO GARCIA, 11432 POMERING RD., DOWNEY, CA 90241, AJ SALAZAR, 11432 POMERING RD., DOWNEY, CA 90241. This Business is conducted by: A GENERAL PARTNERSHIP. Signed: SERGIO GARCIA. This statement was filed with the County Clerk of Los Angeles County on 02/28/2017. The registrant(s) has (have) commenced to transact business under the fictitious business name or names listed above on N/A. NOTICE- This Fictitious Name Statement expires five years from the date it was filed in the office of the County Clerk. Publish: Mountain Views News Dates Pub: March 04, 11, 18, 25, 2017
FICTITIOUS BUSINESS NAME STATEMENT
File No. 2017-051858
The following person(s) is (are) doing business as: ALL PRO SOLUTIONS, 4009 MAPLE AVE., PICO RIVERA, CA 90660. Full name of registrant(s) is (are) DANNY PEREZ, 4009 MAPLE AVE., PICO RIVERA, CA 90660, DANNY PEREZ, 4009 MAPLE AVE., PICO RIVERA, CA 90660. This Business is conducted by: A GENERAL PARTNERSHIP. Signed: TIANA ROWE. This statement was filed with the County Clerk of Los Angeles County on 03/01/2017. The registrant(s) has (have) commenced to transact business under the fictitious business name or names listed above on N/A. NOTICE- This Fictitious Name Statement expires five years from the date it was filed in the office of the County Clerk. Publish: Mountain Views News Dates Pub: March 04, 11, 18, 25, 2017
FICTITIOUS BUSINESS NAME STATEMENT
File No. 2017-040803
The following person(s) is (are) doing business as: LINH NGUYEN, 13599 WASHINGTON BLVD., WHITTIER, CA 90606. Full name of registrant(s) is (are) BE LIEN, 13599 WASHINGTON BLVD., WHITTIER, CA 90606. This Business is conducted by: AN INDIVIDUAL. Signed: LINH NGUYEN. This statement was filed with the County Clerk of Los Angeles County on 02/17/2017. The registrant(s) has (have) commenced to transact business under the fictitious business name or names listed above on N/A. Publish: Mountain Views News Dates Pub: March 04, 11, 18, 25, 2017
FICTITIOUS BUSINESS NAME STATEMENT
File No. 2017-051267
The following person(s) is (are) doing business as: RUDY'S SHEET METAL, 3457 UNION PACIFIC AVE., L.A., CA 90023. Full name of registrant(s) is (are) CARLOS ROBERTO MENDOZA GALEANO, 3457 UNION PACIFIC AVE., L.A., CA 90023. This Business is conducted by: AN INDIVIDUAL. Signed: CARLOS ROBERTO MENDOZA GALEANO. This statement was filed with the County Clerk of Los Angeles County on 03/01/2017. Publish: Mountain Views News Dates Pub: March 04, 11, 18, 25, 2017
does not of itself authorize the use in this state of a Fictitious Business Name in violation of the rights of another under Federal, State, or common law (See section 14411 et seq. Business and Professions Code)Publish: Mountain Views News Dates Pub: March 04, 11, 18, 25, 2017
FICTITIOUS BUSINESS NAME STATEMENT
File No. 2017-051368
The following person(s) is (are) doing business as: BLOOM REAL ESTATE, 4101 ROSEMEAD BLVD., PICO RIVERA, CA 90660. Full name of registrant(s) is (are) JOSE MIRELES, 4101 ROSEMEAD BLVD., PICO RIVERA, CA 90660. This Business is conducted by: AN INDIVIDUAL. Signed: JOSE MIRELES. This statement was filed with the County Clerk of Los Angeles County on 03/01/2017. The registrant(s) has (have) commenced to transact business under the fictitious business name or names listed above on N/A. NOTICE- This Fictitious Name Statement expires five years from the date it was filed in the office of the County Clerk. A new Fictitious Business Name Statement must be filed prior to that date. The filing of this statement does not of itself authorize the use in this state of a Fictitious Business Name in violation of the rights of another under Federal, State, or common law (See section 14411 et seq. Business and Professions Code) Publish: Mountain Views News Dates Pub: March 04, 11, 18, 25, 2017
FICTITIOUS BUSINESS NAME STATEMENT
File No. 2017-051935
The following person(s) is (are) doing business as: BOUTIQUE PROPERTIES, BOUTIQUE PROPERTIES REAL ESTATE, 6636 W. 124, HOLLYWOOD, CA 90028. Full name of registrant(s) is (are) BOUTIQUE PROPERTIES, LLC, 1626 N WILCOX AVE. STE 124, HOLLYWOOD, CA 90028. This Business is conducted by: A LIMITED LIABILITY COMPANY. Signed: RANDY SCOTT VAN AUSDALL. This statement was filed with the County Clerk of Los Angeles County on 03/01/2017. The registrant(s) has (have) commenced to transact business under the fictitious business name or names listed above on N/A. NOTICE- This Fictitious Name Statement expires five years from the date it was filed in the office of the County Clerk. A new Fictitious Business Name Statement must be filed prior to that date. The filing of this statement does not of itself authorize the use in this state of a Fictitious Business Name in violation of the rights of another under Federal, State, or common law (See section 14411 et seq. Business and Professions Code) Publish: Mountain Views News Dates Pub: March 04, 11, 18, 25, 2017
FICTITIOUS BUSINESS NAME STATEMENT
File No. 2017-048395
The following person(s) is (are) doing business as: CITY CENTER DAY SPA, 1528 W OLYMPIC BLVD., L.A., CA 90015. Full name of registrant(s) is (are) GOODPO OLYMPIC BRO, L.A., CA 90015. This Business is conducted by: A LIMITED LIABILITY COMPANY. Signed: NAOWARAT NA PHATTALUNG. This statement was filed with the County Clerk of Los Angeles County on 02/27/2017. The registrant(s) has (have) commenced to transact business under the fictitious business name or names listed above on 05/2015. NOTICE- This Fictitious Name Statement expires five years from the date it was filed in the office of the County Clerk. A new Fictitious Business Name Statement must be filed prior to that date. The filing of this statement does not of itself authorize the use in this state of a Fictitious Business Name in violation of the rights of another under Federal, State, or common law (See section 14411 et seq. Business and Professions Code) Publish: Mountain Views News Dates Pub: March 04, 11, 18, 25, 2017
FICTITIOUS BUSINESS NAME STATEMENT
File No. 2017-051862
The following person(s) is (are) doing business as: CLASSIC PROJECTS, CLASSIC PROJECTS INCORPORATED, 1626 N WILCOX AVE. STE 124, HOLLYWOOD, CA 90028. Full name of registrant(s) is (are) CLASSIC PROJECTS, 1626 N WILCOX AVE. STE 124, HOLLYWOOD, CA 90028. This Business is conducted by: A CORPORATION. Signed: RANDY SCOTT VAN AUSDALL. This statement was filed with the County Clerk of Los Angeles County on 03/01/2017. The registrant(s) has (have) commenced to transact business under the fictitious business name or names listed above on N/A. NOTICE- This Fictitious Name Statement expires five years from the date it was filed in the office of the County Clerk. A new Fictitious Business Name Statement must be filed prior to that date. Publish: Mountain Views News Dates Pub: March 04, 11, 18, 25, 2017
FICTITIOUS BUSINESS NAME STATEMENT
File No. 2017-051332
The following person(s) is (are) doing business as: COLLEGE SASE CUSTOM THREADS, 1005 AVENIDA ENTRADA, SAN DIMAS, CA 91773. Full name of registrant(s) is (are) OLIVER RONACIO, 1005 AVENIDA ENTRADA, SAN DIMAS, CA 91773. This Business is conducted by: AN INDIVIDUAL. Signed: OLIVER RONACIO. This statement was filed with the County Clerk of Los Angeles County on 03/01/2017. The registrant(s) has (have) commenced to transact business under the fictitious business name or names listed above on N/A. NOTICE- This Fictitious Name Statement expires five years from the date it was filed in the office of the County Clerk. A new Fictitious Business Name Statement must be filed prior to that date. Publish: Mountain Views News Dates Pub: March 04, 11, 18, 25, 2017
FICTITIOUS BUSINESS NAME STATEMENT
File No. 2017-051237
The following person(s) is (are) doing business as: CRISTAL A. ENERGY SAVINGS, 1001 E EL SEGUNDO BLVD., L.A., CA 90061. Full name of registrant(s) is (are) CRISTAL ACOSTINO, 1001 E. EL SEGUNDO BLVD., L.A., CA 90061. This Business is conducted by: AN INDIVIDUAL. Signed: CRISTAL ACOSTINO. This statement was filed with the County Clerk of Los Angeles County on 02/07/2017. The registrant(s) has (have) commenced to transact business under the fictitious business name or names listed above on N/A. Publish: Mountain Views News Dates Pub: March 04, 11, 18, 25, 2017
FICTITIOUS BUSINESS NAME STATEMENT
File No. 2017-051201
The following person(s) is (are) doing business as: DARE NOVA TATTOO STUDIO, 9105 MOHELL AVE. SANTA FE SPRINGS, CA 90670. Full name of registrant(s) is (are) SANDRA CARLOS, 9105 MOHELL AVE., SANTA FE SPRINGS, CA 90670. This Business is conducted by: AN INDIVIDUAL. Signed: SANDRA CARLOS. This statement was filed with the County Clerk of Los Angeles County on 03/01/2017. The registrant(s) has (have) commenced to transact business under the fictitious business name or names listed above on N/A. Publish: Mountain Views News Dates Pub: March 04, 11, 18, 25, 2017
FICTITIOUS BUSINESS NAME STATEMENT
File No. 2017-049422
The following person(s) is (are) doing business as: FIRE GRILL, 3 MAJORS RD, BELLFLOWER, CA 90707. Full name of registrant(s) is (are) MELVIN STEVEN MOORE, 3124 LAKEWOOD #2, CHICAGO, IL 60657. This Business is conducted by: A LIMITED LIABILITY COMPANY. Signed: MELVIN STEVEN MOORE. This statement was filed with the County Clerk of Los Angeles County on 02/28/2017. Publish: Mountain Views News Dates Pub: March 04, 11, 18, 25, 2017
FICTITIOUS BUSINESS NAME STATEMENT
File No. 2017-049771
The following person(s) is (are) doing business as: JJ LOGISTICS, 18710 S. WILMINGTON AVE. STE 111, RANCHO DOMINGUEZ, CA 90220. Full name of registrant(s) is (are) JJ INTERNATIONAL SHIPPING, INC., 18710 S. WILMINGTON AVE. #111, RANCHO DOMINGUEZ, CA 90220. This Business is conducted by: A CORPORATION. Signed: JESUS PADILLA. This statement was filed with the County Clerk of Los Angeles County on 02/28/2017. Publish: Mountain Views News Dates Pub: March 04, 11, 18, 25, 2017
FICTITIOUS BUSINESS NAME STATEMENT
File No. 2017-049612
The following person(s) is (are) doing business as: NEIGHBORHOOD MARKET, 600 JOHNSON RD., BELL GARDENS, CA 90201. Full name of registrant(s) is (are) ESTELLA LUGO, 600 JOHNSON RD., BELL GARDENS, CA 90201. This Business is conducted by: A CORPORATION. Signed: ESTELLA LUGO. This statement was filed with the County Clerk of Los Angeles County on 02/28/2017. Publish: Mountain Views News Dates Pub: March 04, 11, 18, 25, 2017
Business Name Statement must be filed prior to that date. The filing of this statement does not of itself authorize the use in this state of a Fictitious Business Name in violation of the rights of another under Federal, State, or common law (See section 14411 et seq. Business and Professions Code) Publish: Mountain Views News Dates Pub: March 04, 11, 18, 25, 2017
FICTITIOUS BUSINESS NAME STATEMENT
File No. 2017-051120
The following person(s) is (are) doing business as: HEALTHY SOLUTIONS, 408 W BROADWAY APT 208, ANAHEIM, CA 92805. Full name of registrant(s) is (are) JANNET PIQUE, 408 W BROADWAY APT 208, ANAHEIM, CA 92805. This Business is conducted by: AN INDIVIDUAL. Signed: JANNET PIQUE. This statement was filed with the County Clerk of Los Angeles County on 03/01/2017. The registrant(s) has (have) commenced to transact business under the fictitious business name or names listed above on N/A. NOTICE- This Fictitious Name Statement expires five years from the date it was filed in the office of the County Clerk. A new Fictitious Business Name Statement must be filed prior to that date. The filing of this statement does not of itself authorize the use in this state of a Fictitious Business Name in violation of the rights of another under Federal, State, or common law (See section 14411 et seq. Business and Professions Code) Publish: Mountain Views News Dates Pub: March 04, 11, 18, 25, 2017
FICTITIOUS BUSINESS NAME STATEMENT
File No. 2017-049898
The following person(s) is (are) doing business as: M&S LIQUOR INC., 400 NALEEN AVE., PASADENA, CA 91106. Full name of registrant(s) is (are) M & S LIQUOR INC., 400 N. ALLEN AVE., PASADENA, CA 91106. This Business is conducted by: A CORPORATION. Signed: SURESH PATEL. This statement was filed with the County Clerk of Los Angeles County on 02/28/2017. The registrant(s) has (have) commenced to transact business under the fictitious business name or names listed above on 01/2017. NOTICE- This Fictitious Name Statement expires five years from the date it was filed in the office of the County Clerk. A new Fictitious Business Name Statement must be filed prior to that date. Publish: Mountain Views News Dates Pub: March 04, 11, 18, 25, 2017
FICTITIOUS BUSINESS NAME STATEMENT
File No. 2017-049441
The following person(s) is (are) doing business as: MEDINAS TIRES, 13322 VALLEY BLVD., CITY OF INDUSTRY, CA 91746. Full name of registrant(s) is (are) ANDRES MEDINA GRANADOS, 14320 HOMEWARD ST., LA PUENTE, CA 91746. This Business is conducted by: AN INDIVIDUAL. Signed: ANDRES MEDINA GRANADOS. This statement was filed with the County Clerk of Los Angeles County on 02/28/2017. The registrant(s) has (have) commenced to transact business under the fictitious business name or names listed above on N/A. NOTICE- This Fictitious Name Statement expires five years from the date it was filed in the office of the County Clerk. A new Fictitious Business Name Statement must be filed prior to that date. Publish: Mountain Views News Dates Pub: March 04, 11, 18, 25, 2017
FICTITIOUS BUSINESS NAME STATEMENT
File No. 2017-049664
The following person(s) is (are) doing business as: MEMORIES KEEPING, 10417 W 42nd PL., L.A., CA 90062. Full name of registrant(s) is (are) JOSMARY LORENA FLORES ROMERO, 1047 W. 42nd PL., L.A., CA 90062. This Business is conducted by: AN INDIVIDUAL. Signed: JOSMARY LORENA FLORES ROMERO. This statement was filed with the County Clerk of Los Angeles County on 02/28/2017. The registrant(s) has (have) commenced to transact business under the fictitious business name or names listed above on N/A. Publish: Mountain Views News Dates Pub: March 04, 11, 18, 25, 2017
FICTITIOUS BUSINESS NAME STATEMENT
File No. 2017-049878
The following person(s) is (are) doing business as: MENDOZA TRUCK REPAIR, 2424 COUTS ST., COMMERCE, CA 90040. Full name of registrant(s) is (are) JAIME MENDOZA RODRIGUEZ, 2424 COUTS ST., COMMERCE, CA 90040. This Business is conducted by: AN INDIVIDUAL. Signed: JAIME MENDOZA RODRIGUEZ. This statement was filed with the County Clerk of Los Angeles County on 02/28/2017. Publish: Mountain Views News Dates Pub: March 04, 11, 18, 25, 2017
FICTITIOUS BUSINESS NAME STATEMENT
File No. 2017-048899
The following person(s) is (are) doing business as: M POLLER PRODUCTS, 6706 FOSTER BRIDGE BLVD. STE B, BELL GARDENS, CA 90201. Full name of registrant(s) is (are) JESUS RAMIREZ MAGALLON, 6706 FOSTER BRIDGE BLVD. STE B, BELL GARDENS, CA 90201. This Business is conducted by: AN INDIVIDUAL. Signed: JESUS RAMIREZ MAGALLON. This statement was filed with the County Clerk of Los Angeles County on 02/27/2017. Publish: Mountain Views News Dates Pub: March 04, 11, 18, 25, 2017
FICTITIOUS BUSINESS NAME STATEMENT
File No. 2017-048322
The following person(s) is (are) doing business as: NOT FOR PROFIT LION OF JUDAH HOME ENERGY SOLUTIONS, HOME A LOT SALE SOBERS AMSAILOR GOLD WEIGHTS, HOME REFI AND PURCHASE, PEASANT WORKS, 2510 YORKSHIRE WAY, POMONA, CA 91767. Full name of registrant(s) is (are) PAUL JIMENEZ, 2510 YORKSHIRE WAY #1, POMONA, CA 91767. This Business is conducted by: AN INDIVIDUAL. Signed: STEVEN PAUL JIMENEZ. This statement was filed with the County Clerk of Los Angeles County on 02/27/2017. The registrant(s) has (have) commenced to transact business under the fictitious business name or names listed above on 01/1979. Publish: Mountain Views News Dates Pub: March 04, 11, 18, 25, 2017
FICTITIOUS BUSINESS NAME STATEMENT
File No. 2017-048809
The following person(s) is (are) doing business as: OCHIEL'S MAINTENANCE COMPANY, 780 S. ATLANTIC BLVD. #1, ALHAMBRA, CA 91801. Full name of registrant(s) is (are) JOSEPHINA OCHIEL, 780 S. ATLANTIC BLVD. #1, ALHAMBRA, CA 91801. This Business is conducted by: AN INDIVIDUAL. Signed: JOSEPHINA OCHIEL. This statement was filed with the County Clerk of Los Angeles County on 02/27/2017. Publish: Mountain Views News Dates Pub: March 04, 11, 18, 25, 2017
FICTITIOUS BUSINESS NAME STATEMENT
File No. 2017-048793
The following person(s) is (are) doing business as: PICO RIVERA TRUCK WASH SERVICE, 8 ARAGON AVE., PICO RIVERA, CA 90660. Full name of registrant(s) is (are) RUDY POLANCO, 6929 GORAIDA AVE., BELL, CA 90201. This Business is conducted by: AN INDIVIDUAL. Signed: RUDY POLANCO. This statement was filed with the County Clerk of Los Angeles County on 02/27/2017. Publish: Mountain Views News Dates Pub: March 04, 11, 18, 25, 2017
File No. 2017-047615
Mountain Views News	80 W Sierra Madre Blvd. No. 327 Sierra Madre, Ca. 91024	Office: 626.355.2737	Fax: 626.609.3285	Email: editor@mtnviewsnews.com
Website: www.mtnviewsnews.com
